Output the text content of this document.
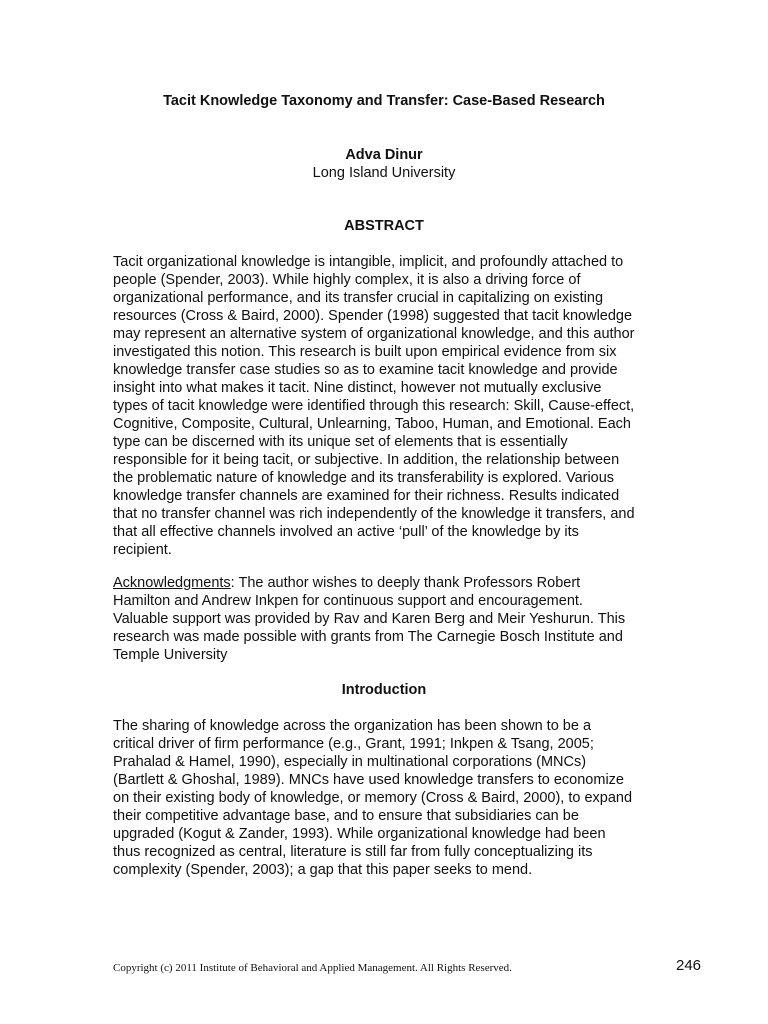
Tacit Knowledge Taxonomy and Transfer: Case-Based Research
Adva Dinur
Long Island University
ABSTRACT
Tacit organizational knowledge is intangible, implicit, and profoundly attached to
people (Spender, 2003). While highly complex, it is also a driving force of
organizational performance, and its transfer crucial in capitalizing on existing
resources (Cross & Baird, 2000). Spender (1998) suggested that tacit knowledge
may represent an alternative system of organizational knowledge, and this author
investigated this notion. This research is built upon empirical evidence from six
knowledge transfer case studies so as to examine tacit knowledge and provide
insight into what makes it tacit. Nine distinct, however not mutually exclusive
types of tacit knowledge were identified through this research: Skill, Cause-effect,
Cognitive, Composite, Cultural, Unlearning, Taboo, Human, and Emotional. Each
type can be discerned with its unique set of elements that is essentially
responsible for it being tacit, or subjective. In addition, the relationship between
the problematic nature of knowledge and its transferability is explored. Various
knowledge transfer channels are examined for their richness. Results indicated
that no transfer channel was rich independently of the knowledge it transfers, and
that all effective channels involved an active ‘pull’ of the knowledge by its
recipient.
Acknowledgments: The author wishes to deeply thank Professors Robert
Hamilton and Andrew Inkpen for continuous support and encouragement.
Valuable support was provided by Rav and Karen Berg and Meir Yeshurun. This
research was made possible with grants from The Carnegie Bosch Institute and
Temple University
Introduction
The sharing of knowledge across the organization has been shown to be a
critical driver of firm performance (e.g., Grant, 1991; Inkpen & Tsang, 2005;
Prahalad & Hamel, 1990), especially in multinational corporations (MNCs)
(Bartlett & Ghoshal, 1989). MNCs have used knowledge transfers to economize
on their existing body of knowledge, or memory (Cross & Baird, 2000), to expand
their competitive advantage base, and to ensure that subsidiaries can be
upgraded (Kogut & Zander, 1993). While organizational knowledge had been
thus recognized as central, literature is still far from fully conceptualizing its
complexity (Spender, 2003); a gap that this paper seeks to mend.
Copyright (c) 2011 Institute of Behavioral and Applied Management. All Rights Reserved.	246
